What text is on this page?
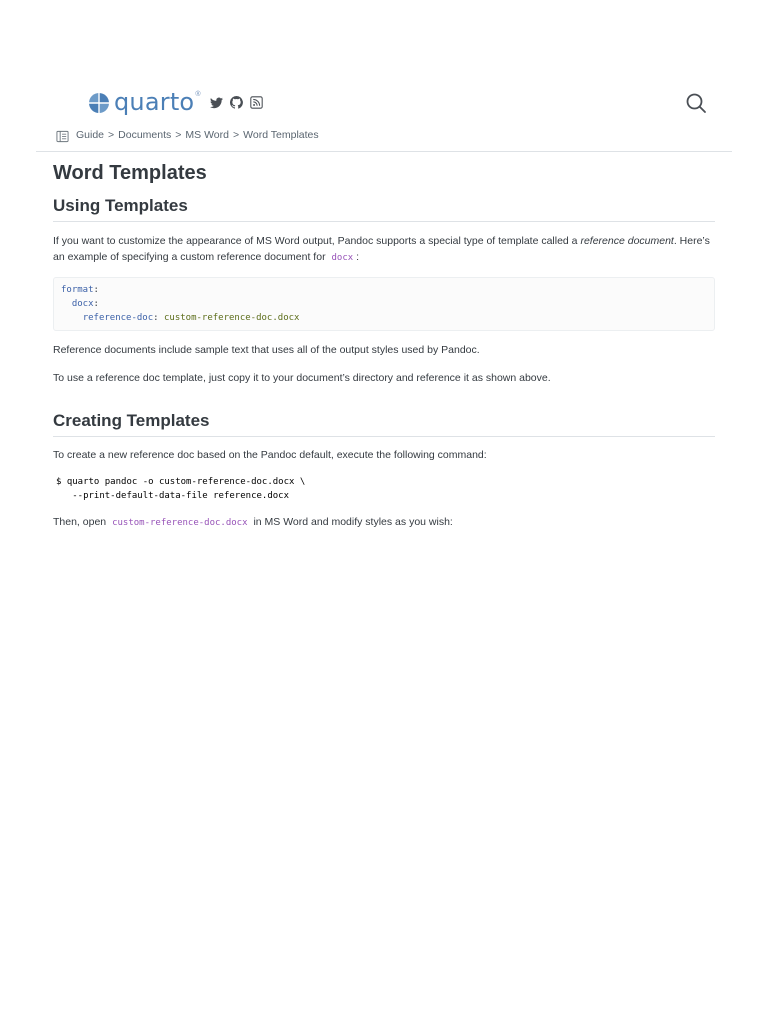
quarto ®
Guide > Documents > MS Word > Word Templates
Word Templates
Using Templates

If you want to customize the appearance of MS Word output, Pandoc supports a special type of template called a reference document. Here’s an example of specifying a custom reference document for docx :

format:
docx:
reference-doc: custom-reference-doc.docx

Reference documents include sample text that uses all of the output styles used by Pandoc.

To use a reference doc template, just copy it to your document’s directory and reference it as shown above.

Creating Templates

To create a new reference doc based on the Pandoc default, execute the following command:

$ quarto pandoc -o custom-reference-doc.docx \
--print-default-data-file reference.docx

Then, open custom-reference-doc.docx in MS Word and modify styles as you wish:
